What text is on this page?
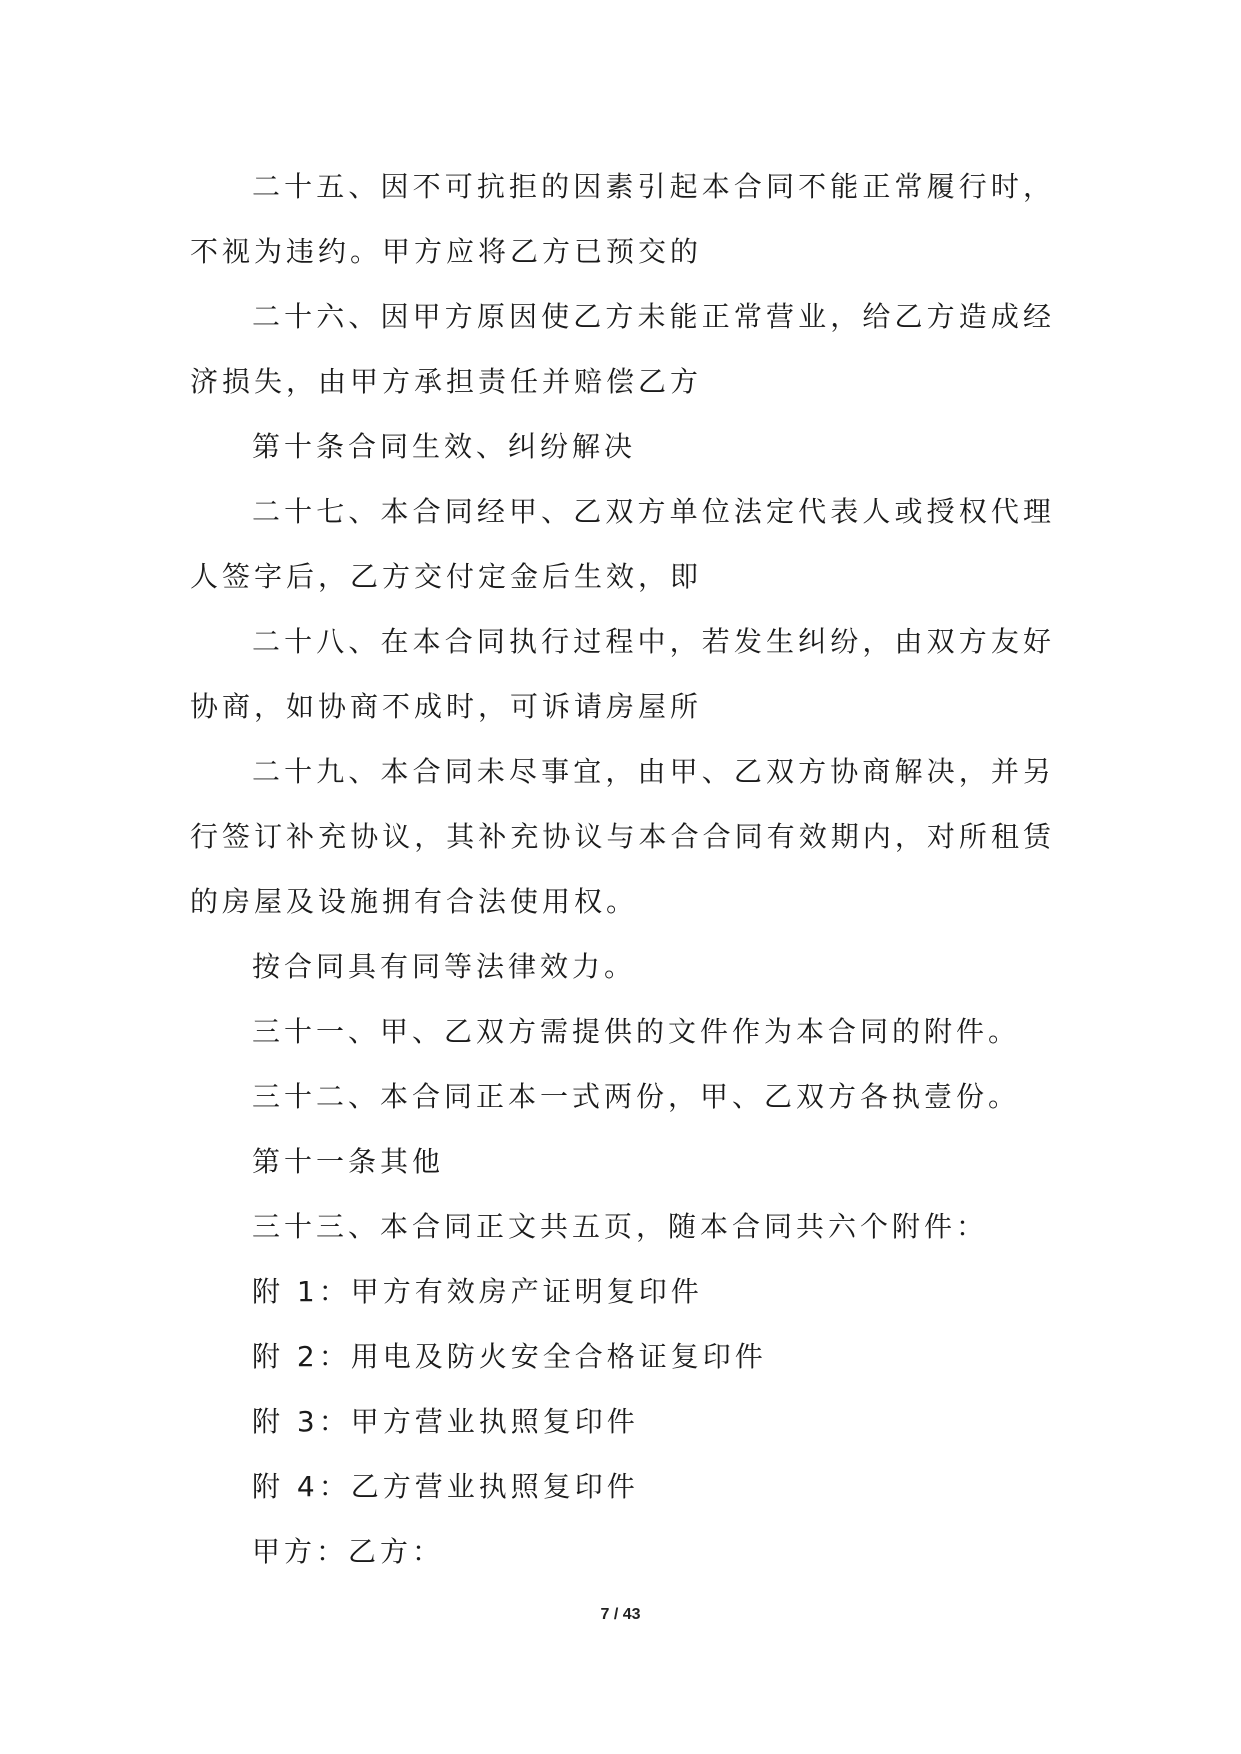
二十五、因不可抗拒的因素引起本合同不能正常履行时，不视为违约。甲方应将乙方已预交的

二十六、因甲方原因使乙方未能正常营业，给乙方造成经济损失，由甲方承担责任并赔偿乙方

第十条合同生效、纠纷解决

二十七、本合同经甲、乙双方单位法定代表人或授权代理人签字后，乙方交付定金后生效，即

二十八、在本合同执行过程中，若发生纠纷，由双方友好协商，如协商不成时，可诉请房屋所

二十九、本合同未尽事宜，由甲、乙双方协商解决，并另行签订补充协议，其补充协议与本合合同有效期内，对所租赁的房屋及设施拥有合法使用权。

按合同具有同等法律效力。

三十一、甲、乙双方需提供的文件作为本合同的附件。

三十二、本合同正本一式两份，甲、乙双方各执壹份。

第十一条其他

三十三、本合同正文共五页，随本合同共六个附件：

附 1：甲方有效房产证明复印件

附 2：用电及防火安全合格证复印件

附 3：甲方营业执照复印件

附 4：乙方营业执照复印件

甲方：乙方：

7 / 43
